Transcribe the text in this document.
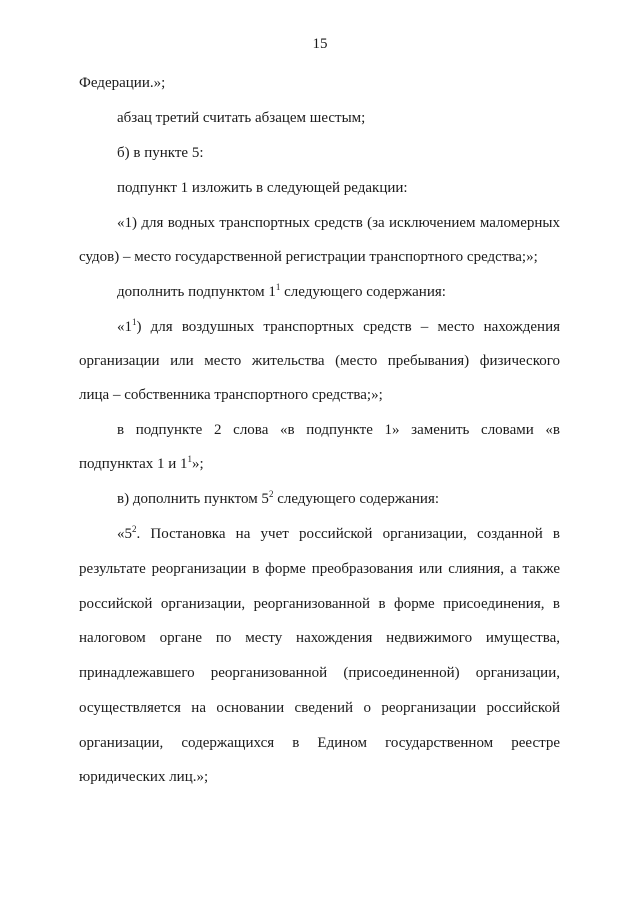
15
Федерации.»;
абзац третий считать абзацем шестым;
б) в пункте 5:
подпункт 1 изложить в следующей редакции:
«1) для водных транспортных средств (за исключением маломерных
судов) – место государственной регистрации транспортного средства;»;
дополнить подпунктом $1^1$ следующего содержания:
«$1^1$) для воздушных транспортных средств – место нахождения
организации или место жительства (место пребывания) физического
лица – собственника транспортного средства;»;
в подпункте 2 слова «в подпункте 1» заменить словами «в
подпунктах 1 и $1^1$»;
в) дополнить пунктом $5^2$ следующего содержания:
«$5^2$. Постановка на учет российской организации, созданной в
результате реорганизации в форме преобразования или слияния, а также
российской организации, реорганизованной в форме присоединения, в
налоговом органе по месту нахождения недвижимого имущества,
принадлежавшего реорганизованной (присоединенной) организации,
осуществляется на основании сведений о реорганизации российской
организации, содержащихся в Едином государственном реестре
юридических лиц.»;
